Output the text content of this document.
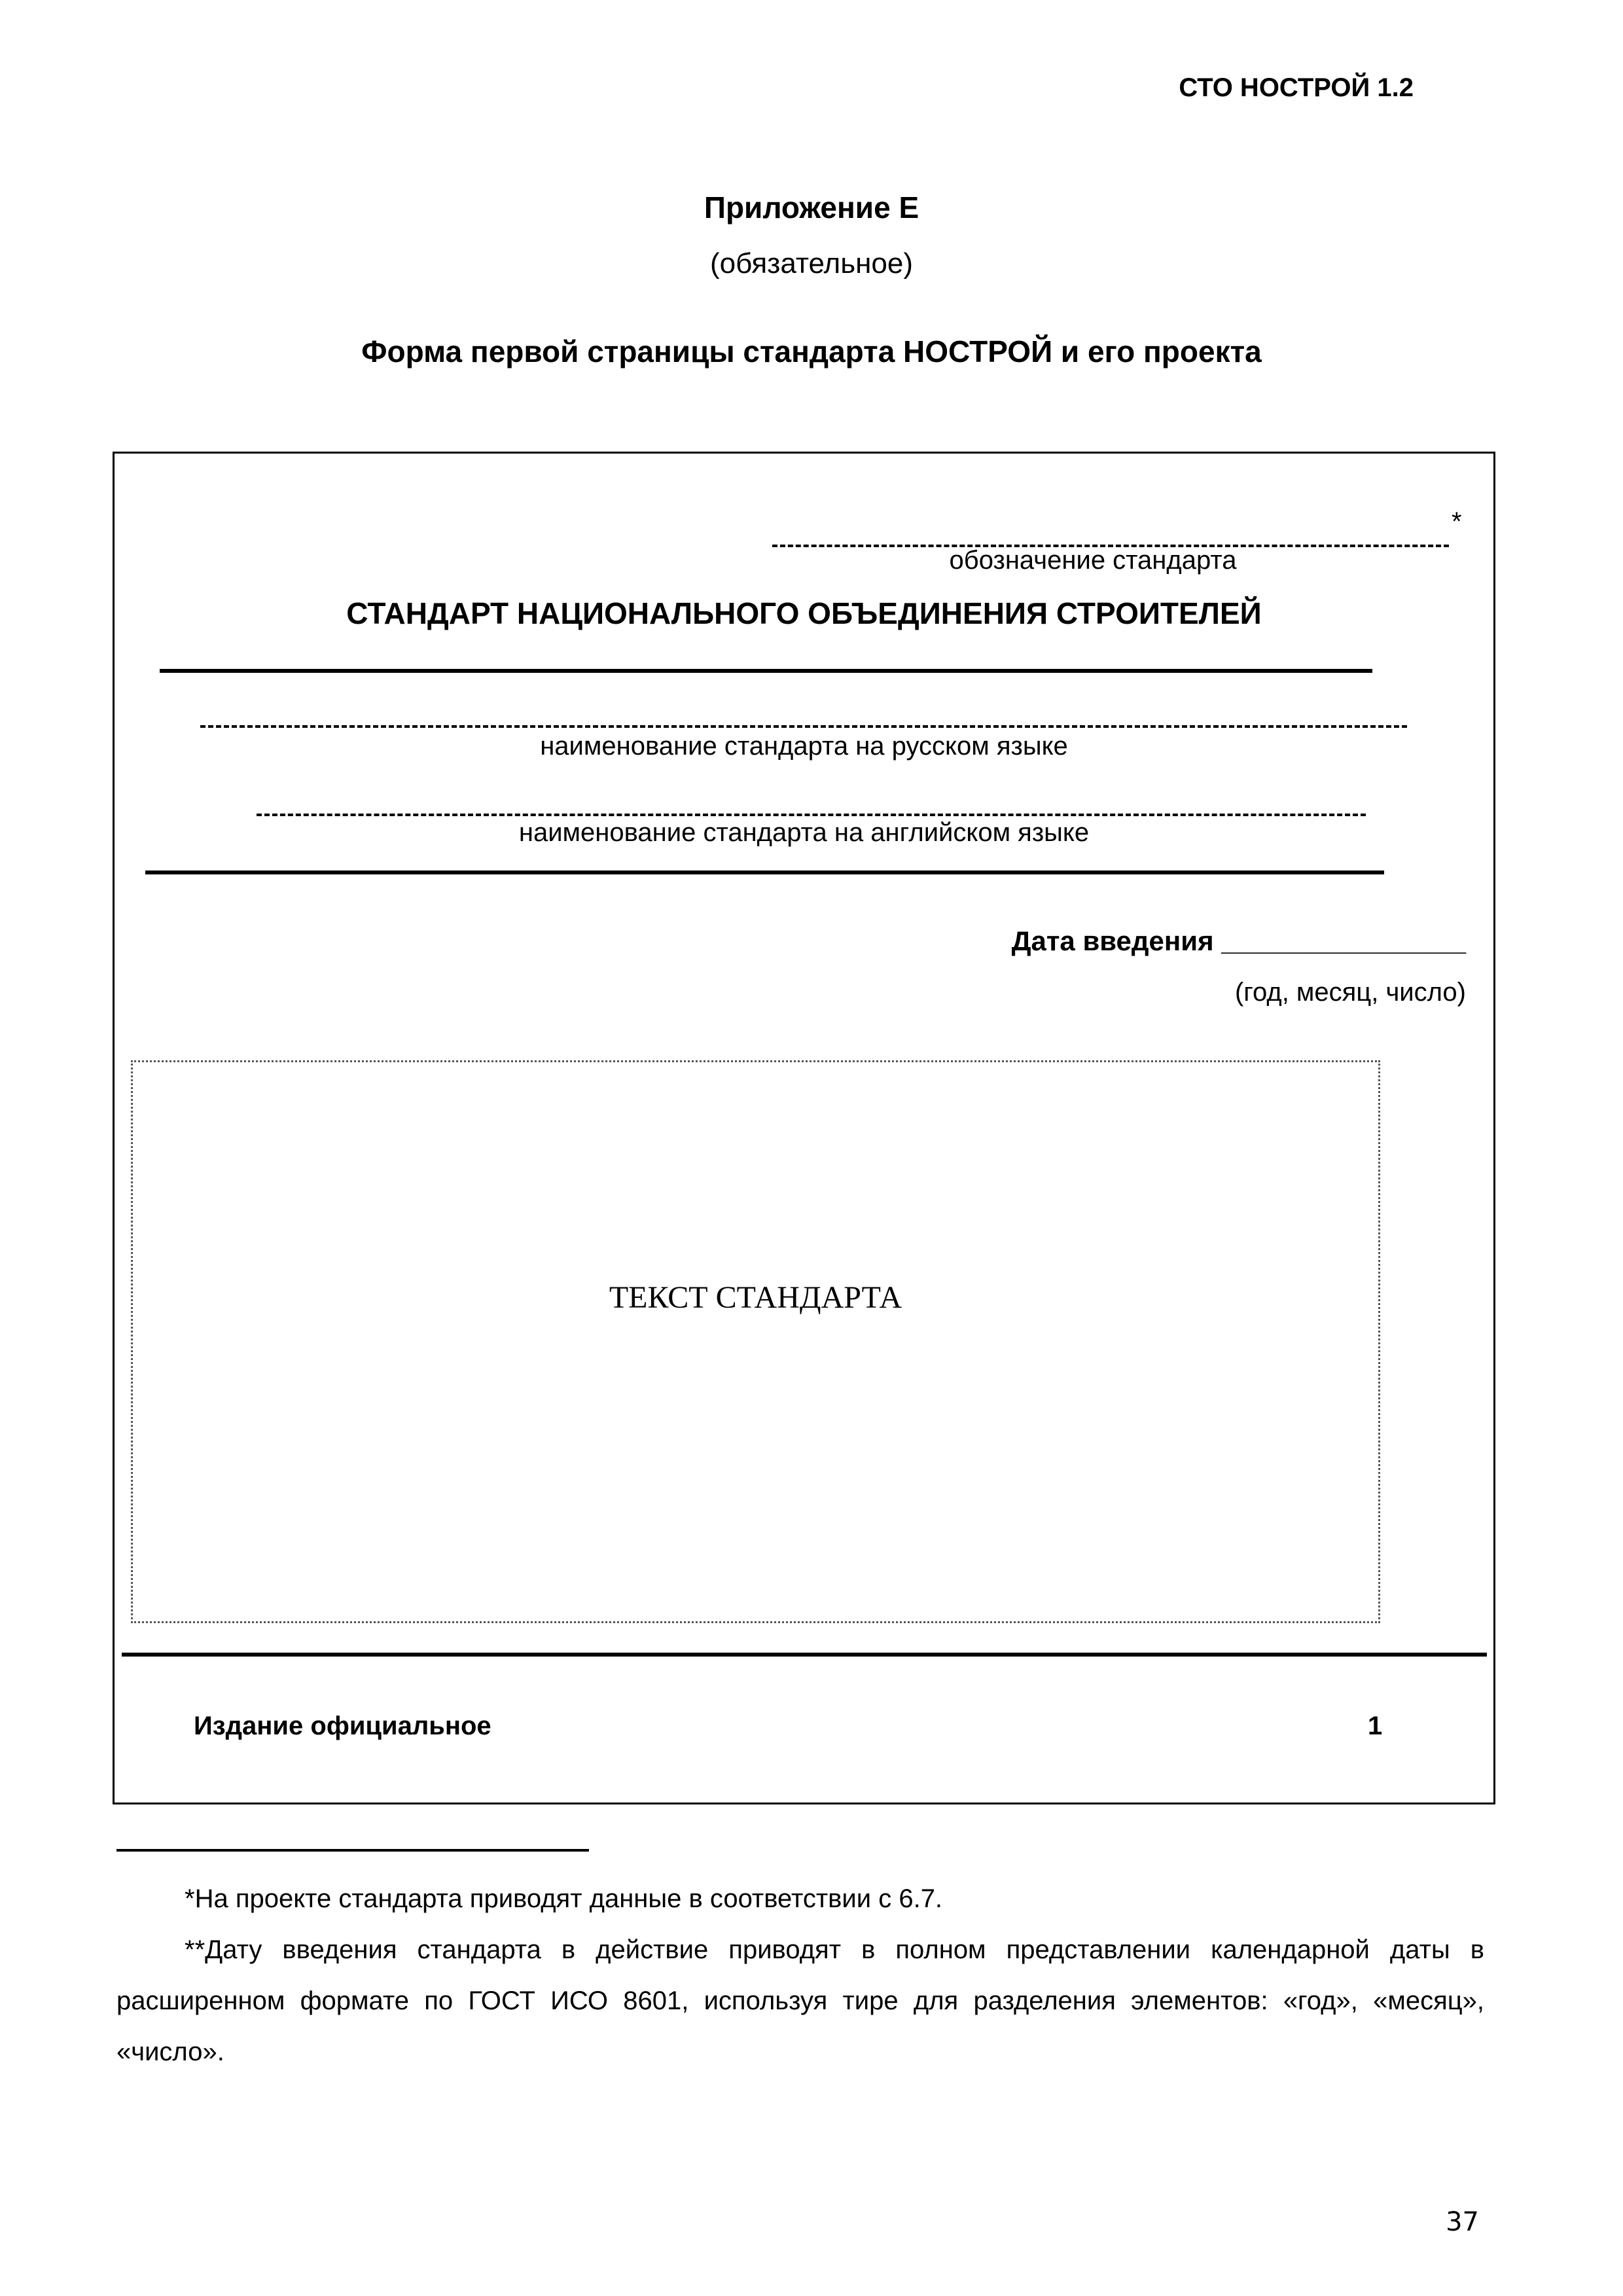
СТО НОСТРОЙ 1.2
Приложение Е
(обязательное)
Форма первой страницы стандарта НОСТРОЙ и его проекта
*
обозначение стандарта
СТАНДАРТ НАЦИОНАЛЬНОГО ОБЪЕДИНЕНИЯ СТРОИТЕЛЕЙ
наименование стандарта на русском языке
наименование стандарта на английском языке
Дата введения ________________
(год, месяц, число)
ТЕКСТ СТАНДАРТА
Издание официальное	1
*На проекте стандарта приводят данные в соответствии с 6.7.
**Дату введения стандарта в действие приводят в полном представлении календарной даты в расширенном формате по ГОСТ ИСО 8601, используя тире для разделения элементов: «год», «месяц», «число».
37
